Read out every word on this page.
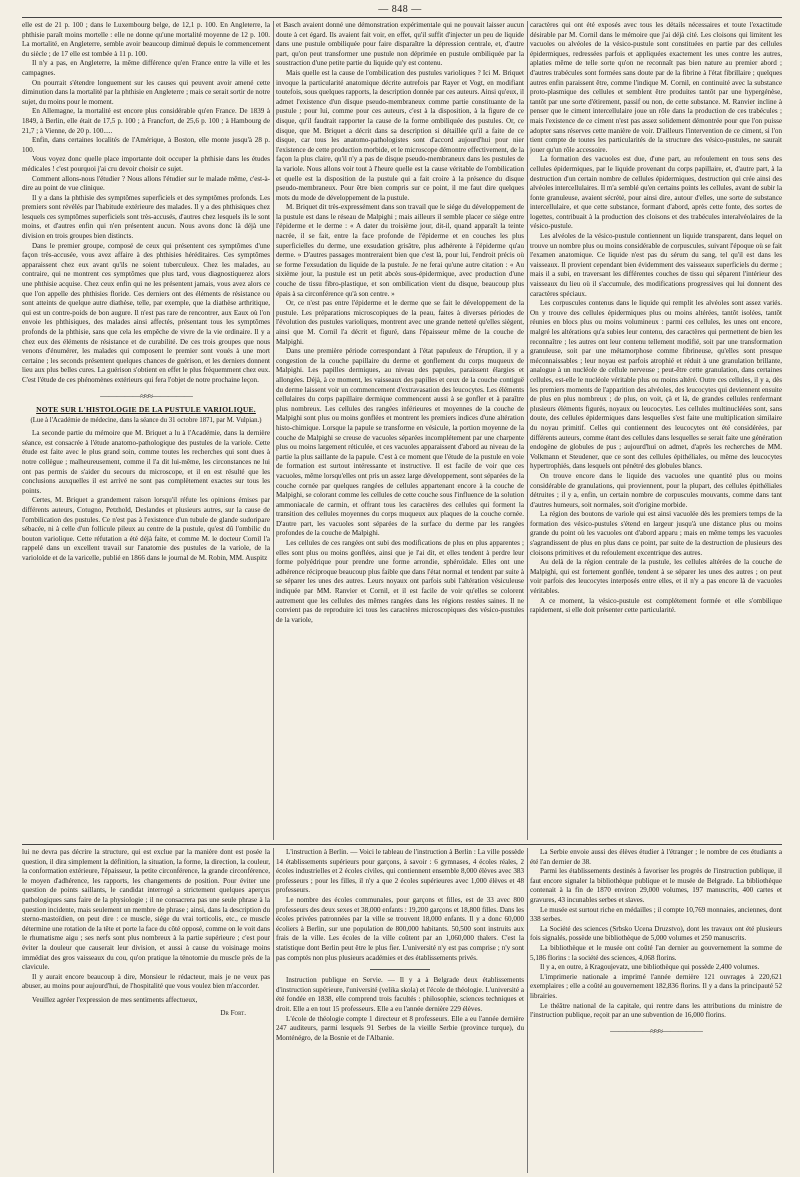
— 848 —

elle est de 21 p. 100 ; dans le Luxembourg belge, de 12,1 p. 100. En Angleterre, la phthisie paraît moins mortelle : elle ne donne qu'une mortalité moyenne de 12 p. 100. La mortalité, en Angleterre, semble avoir beaucoup diminué depuis le commencement du siècle ; de 17 elle est tombée à 11 p. 100.

Il n'y a pas, en Angleterre, la même différence qu'en France entre la ville et les campagnes.

On pourrait s'étendre longuement sur les causes qui peuvent avoir amené cette diminution dans la mortalité par la phthisie en Angleterre ; mais ce serait sortir de notre sujet, du moins pour le moment.

En Allemagne, la mortalité est encore plus considérable qu'en France. De 1839 à 1849, à Berlin, elle était de 17,5 p. 100 ; à Francfort, de 25,6 p. 100 ; à Hambourg de 21,7 ; à Vienne, de 20 p. 100.....

Enfin, dans certaines localités de l'Amérique, à Boston, elle monte jusqu'à 28 p. 100.

Vous voyez donc quelle place importante doit occuper la phthisie dans les études médicales ! c'est pourquoi j'ai cru devoir choisir ce sujet.

Comment allons-nous l'étudier ? Nous allons l'étudier sur le malade même, c'est-à-dire au point de vue clinique.

Il y a dans la phthisie des symptômes superficiels et des symptômes profonds. Les premiers sont révélés par l'habitude extérieure des malades. Il y a des phthisiques chez lesquels ces symptômes superficiels sont très-accusés, d'autres chez lesquels ils le sont moins, et d'autres enfin qui n'en présentent aucun. Nous avons donc là déjà une division en trois groupes bien distincts.

Dans le premier groupe, composé de ceux qui présentent ces symptômes d'une façon très-accusée, vous avez affaire à des phthisies héréditaires. Ces symptômes apparaissent chez eux avant qu'ils ne soient tuberculeux. Chez les malades, au contraire, qui ne montrent ces symptômes que plus tard, vous diagnostiquerez alors une phthisie acquise. Chez ceux enfin qui ne les présentent jamais, vous avez alors ce que l'on appelle des phthisies floride. Ces derniers ont des éléments de résistance ou sont atteints de quelque autre diathèse, telle, par exemple, que la diathèse arthritique, qui est un contre-poids de bon augure. Il n'est pas rare de rencontrer, aux Eaux où l'on envoie les phthisiques, des malades ainsi affectés, présentant tous les symptômes profonds de la phthisie, sans que cela les empêche de vivre de la vie ordinaire. Il y a chez eux des éléments de résistance et de curabilité. De ces trois groupes que nous venons d'énumérer, les malades qui composent le premier sont voués à une mort certaine ; les seconds présentent quelques chances de guérison, et les derniers donnent lieu aux plus belles cures. La guérison s'obtient en effet le plus fréquemment chez eux. C'est l'étude de ces phénomènes extérieurs qui fera l'objet de notre prochaine leçon.

—————≈≈≈—————
NOTE SUR L'HISTOLOGIE DE LA PUSTULE VARIOLIQUE.
(Lue à l'Académie de médecine, dans la séance du 31 octobre 1871, par M. Vulpian.)

La seconde partie du mémoire que M. Briquet a lu à l'Académie, dans la dernière séance, est consacrée à l'étude anatomo-pathologique des pustules de la variole. Cette étude est faite avec le plus grand soin, comme toutes les recherches qui sont dues à notre collègue ; malheureusement, comme il l'a dit lui-même, les circonstances ne lui ont pas permis de s'aider du secours du microscope, et il en est résulté que les conclusions auxquelles il est arrivé ne sont pas complètement exactes sur tous les points.

Certes, M. Briquet a grandement raison lorsqu'il réfute les opinions émises par différents auteurs, Cotugno, Petzhold, Deslandes et plusieurs autres, sur la cause de l'ombilication des pustules. Ce n'est pas à l'existence d'un tubule de glande sudoripare sébacée, ni à celle d'un follicule pileux au centre de la pustule, qu'est dû l'ombilic du bouton variolique. Cette réfutation a été déjà faite, et comme M. le docteur Cornil l'a rappelé dans un excellent travail sur l'anatomie des pustules de la variole, de la varioloïde et de la varicelle, publié en 1866 dans le journal de M. Robin, MM. Auspitz

et Basch avaient donné une démonstration expérimentale qui ne pouvait laisser aucun doute à cet égard. Ils avaient fait voir, en effet, qu'il suffit d'injecter un peu de liquide dans une pustule ombiliquée pour faire disparaître la dépression centrale, et, d'autre part, qu'on peut transformer une pustule non déprimée en pustule ombiliquée par la soustraction d'une petite partie du liquide qu'y est contenu.

Mais quelle est la cause de l'ombilication des pustules varioliques ? Ici M. Briquet invoque la particularité anatomique décrite autrefois par Rayer et Vogt, en modifiant toutefois, sous quelques rapports, la description donnée par ces auteurs. Ainsi qu'eux, il admet l'existence d'un disque pseudo-membraneux comme partie constituante de la pustule ; pour lui, comme pour ces auteurs, c'est à la disposition, à la figure de ce disque, qu'il faudrait rapporter la cause de la forme ombiliquée des pustules. Or, ce disque, que M. Briquet a décrit dans sa description si détaillée qu'il a faite de ce disque, car tous les anatomo-pathologistes sont d'accord aujourd'hui pour nier l'existence de cette production morbide, et le microscope démontre effectivement, de la façon la plus claire, qu'il n'y a pas de disque pseudo-membraneux dans les pustules de la variole. Nous allons voir tout à l'heure quelle est la cause véritable de l'ombilication et quelle est la disposition de la pustule qui a fait croire à la présence du disque pseudo-membraneux. Pour être bien compris sur ce point, il me faut dire quelques mots du mode de développement de la pustule.

M. Briquet dit très-expressément dans son travail que le siége du développement de la pustule est dans le réseau de Malpighi ; mais ailleurs il semble placer ce siége entre l'épiderme et le derme : « A dater du troisième jour, dit-il, quand apparaît la teinte nacrée, il se fait, entre la face profonde de l'épiderme et en couches les plus superficielles du derme, une exsudation grisâtre, plus adhérente à l'épiderme qu'au derme. » D'autres passages montreraient bien que c'est là, pour lui, l'endroit précis où se forme l'exsudation du liquide de la pustule. Je ne ferai qu'une autre citation : « Au sixième jour, la pustule est un petit abcès sous-épidermique, avec production d'une couche de tissu fibro-plastique, et son ombilication vient du disque, beaucoup plus épais à sa circonférence qu'à son centre. »

Or, ce n'est pas entre l'épiderme et le derme que se fait le développement de la pustule. Les préparations microscopiques de la peau, faites à diverses périodes de l'évolution des pustules varioliques, montrent avec une grande netteté qu'elles siègent, ainsi que M. Cornil l'a décrit et figuré, dans l'épaisseur même de la couche de Malpighi.

Dans une première période correspondant à l'état papuleux de l'éruption, il y a congestion de la couche papillaire du derme et gonflement du corps muqueux de Malpighi. Les papilles dermiques, au niveau des papules, paraissent élargies et allongées. Déjà, à ce moment, les vaisseaux des papilles et ceux de la couche contiguë du derme laissent voir un commencement d'extravasation des leucocytes. Les éléments cellulaires du corps papillaire dermique commencent aussi à se gonfler et à paraître plus nombreux. Les cellules des rangées inférieures et moyennes de la couche de Malpighi sont plus ou moins gonflées et montrent les premiers indices d'une altération histo-chimique. Lorsque la papule se transforme en vésicule, la portion moyenne de la couche de Malpighi se creuse de vacuoles séparées incomplétement par une charpente plus ou moins largement réticulée, et ces vacuoles apparaissent d'abord au niveau de la partie la plus saillante de la papule. C'est à ce moment que l'étude de la pustule en voie de formation est surtout intéressante et instructive. Il est facile de voir que ces vacuoles, même lorsqu'elles ont pris un assez large développement, sont séparées de la couche cornée par quelques rangées de cellules appartenant encore à la couche de Malpighi, se colorant comme les cellules de cette couche sous l'influence de la solution ammoniacale de carmin, et offrant tous les caractères des cellules qui forment la transition des cellules moyennes du corps muqueux aux plaques de la couche cornée. D'autre part, les vacuoles sont séparées de la surface du derme par les rangées profondes de la couche de Malpighi.

Les cellules de ces rangées ont subi des modifications de plus en plus apparentes ; elles sont plus ou moins gonflées, ainsi que je l'ai dit, et elles tendent à perdre leur forme polyédrique pour prendre une forme arrondie, sphéroïdale. Elles ont une adhérence réciproque beaucoup plus faible que dans l'état normal et tendent par suite à se séparer les unes des autres. Leurs noyaux ont parfois subi l'altération vésiculeuse indiquée par MM. Ranvier et Cornil, et il est facile de voir qu'elles se colorent autrement que les cellules des mêmes rangées dans les régions restées saines. Il ne convient pas de reproduire ici tous les caractères microscopiques des vésico-pustules de la variole,

caractères qui ont été exposés avec tous les détails nécessaires et toute l'exactitude désirable par M. Cornil dans le mémoire que j'ai déjà cité. Les cloisons qui limitent les vacuoles ou alvéoles de la vésico-pustule sont constituées en partie par des cellules épidermiques, redressées parfois et appliquées exactement les unes contre les autres, aplaties même de telle sorte qu'on ne reconnaît pas bien nature au premier abord ; d'autres trabécules sont formées sans doute par de la fibrine à l'état fibrillaire ; quelques autres enfin paraissent être, comme l'indique M. Cornil, en continuité avec la substance proto-plasmique des cellules et semblent être produites tantôt par une hypergénèse, tantôt par une sorte d'étirement, passif ou non, de cette substance. M. Ranvier incline à penser que le ciment intercellulaire joue un rôle dans la production de ces trabécules ; mais l'existence de ce ciment n'est pas assez solidement démontrée pour que l'on puisse adopter sans réserves cette manière de voir. D'ailleurs l'intervention de ce ciment, si l'on tient compte de toutes les particularités de la structure des vésico-pustules, ne saurait jouer qu'un rôle accessoire.

La formation des vacuoles est due, d'une part, au refoulement en tous sens des cellules épidermiques, par le liquide provenant du corps papillaire, et, d'autre part, à la destruction d'un certain nombre de cellules épidermiques, destruction qui crée ainsi des alvéoles intercellulaires. Il m'a semblé qu'en certains points les cellules, avant de subir la fonte granuleuse, avaient sécrété, pour ainsi dire, autour d'elles, une sorte de substance intercellulaire, et que cette substance, formant d'abord, après cette fonte, des sortes de logettes, contribuait à la production des cloisons et des trabécules interalvéolaires de la vésico-pustule.

Les alvéoles de la vésico-pustule contiennent un liquide transparent, dans lequel on trouve un nombre plus ou moins considérable de corpuscules, suivant l'époque où se fait l'examen anatomique. Ce liquide n'est pas du sérum du sang, tel qu'il est dans les vaisseaux. Il provient cependant bien évidemment des vaisseaux superficiels du derme ; mais il a subi, en traversant les différentes couches de tissu qui séparent l'intérieur des vaisseaux du lieu où il s'accumule, des modifications progressives qui lui donnent des caractères spéciaux.

Les corpuscules contenus dans le liquide qui remplit les alvéoles sont assez variés. On y trouve des cellules épidermiques plus ou moins altérées, tantôt isolées, tantôt réunies en blocs plus ou moins volumineux : parmi ces cellules, les unes ont encore, malgré les altérations qu'a subies leur contenu, des caractères qui permettent de bien les reconnaître ; les autres ont leur contenu tellement modifié, soit par une transformation granuleuse, soit par une métamorphose comme fibrineuse, qu'elles sont presque méconnaissables ; leur noyau est parfois atrophié et réduit à une granulation brillante, analogue à un nucléole de cellule nerveuse ; peut-être cette granulation, dans certaines cellules, est-elle le nucléole véritable plus ou moins altéré. Outre ces cellules, il y a, dès les premiers moments de l'apparition des alvéoles, des leucocytes qui deviennent ensuite de plus en plus nombreux ; de plus, on voit, çà et là, de grandes cellules renfermant plusieurs éléments figurés, noyaux ou leucocytes. Les cellules multinucléées sont, sans doute, des cellules épidermiques dans lesquelles s'est faite une multiplication similaire du noyau primitif. Celles qui contiennent des leucocytes ont été considérées, par différents auteurs, comme étant des cellules dans lesquelles se serait faite une génération endogène de globules de pus ; aujourd'hui on admet, d'après les recherches de MM. Volkmann et Steudener, que ce sont des cellules épithéliales, ou même des leucocytes hypertrophiés, dans lesquels ont pénétré des globules blancs.

On trouve encore dans le liquide des vacuoles une quantité plus ou moins considérable de granulations, qui proviennent, pour la plupart, des cellules épithéliales détruites ; il y a, enfin, un certain nombre de corpuscules mouvants, comme dans tant d'autres humeurs, soit normales, soit d'origine morbide.

La région des boutons de variole qui est ainsi vacuolée dès les premiers temps de la formation des vésico-pustules s'étend en largeur jusqu'à une distance plus ou moins grande du point où les vacuoles ont d'abord apparu ; mais en même temps les vacuoles s'agrandissent de plus en plus dans ce point, par suite de la destruction de plusieurs des cloisons primitives et du refoulement excentrique des autres.

Au delà de la région centrale de la pustule, les cellules altérées de la couche de Malpighi, qui est fortement gonflée, tendent à se séparer les unes des autres ; on peut voir parfois des leucocytes interposés entre elles, et il n'y a pas encore là de vacuoles véritables.

A ce moment, la vésico-pustule est complétement formée et elle s'ombilique rapidement, si elle doit présenter cette particularité.

lui ne devra pas décrire la structure, qui est exclue par la manière dont est posée la question, il dira simplement la définition, la situation, la forme, la direction, la couleur, la conformation extérieure, l'épaisseur, la petite circonférence, la grande circonférence, le moyen d'adhérence, les rapports, les changements de position. Pour éviter une question de points saillants, le candidat interrogé a strictement quelques aperçus pathologiques sans faire de la physiologie ; il ne consacrera pas une seule phrase à la question incidente, mais seulement un membre de phrase ; ainsi, dans la description du sterno-mastoïdien, on peut dire : ce muscle, siége du vrai torticolis, etc., ce muscle détermine une rotation de la tête et porte la face du côté opposé, comme on le voit dans le rhumatisme aigu ; ses nerfs sont plus nombreux à la partie supérieure ; c'est pour éviter la douleur que causerait leur division, et aussi à cause du voisinage moins immédiat des gros vaisseaux du cou, qu'on pratique la ténotomie du muscle près de la clavicule.

Il y aurait encore beaucoup à dire, Monsieur le rédacteur, mais je ne veux pas abuser, au moins pour aujourd'hui, de l'hospitalité que vous voulez bien m'accorder.

Veuillez agréer l'expression de mes sentiments affectueux,

Dr Fort.

L'instruction à Berlin. — Voici le tableau de l'instruction à Berlin : La ville possède 14 établissements supérieurs pour garçons, à savoir : 6 gymnases, 4 écoles réales, 2 écoles industrielles et 2 écoles civiles, qui contiennent ensemble 8,000 élèves avec 383 professeurs ; pour les filles, il n'y a que 2 écoles supérieures avec 1,000 élèves et 48 professeurs.

Le nombre des écoles communales, pour garçons et filles, est de 33 avec 800 professeurs des deux sexes et 38,000 enfants : 19,200 garçons et 18,800 filles. Dans les écoles privées patronnées par la ville se trouvent 18,000 enfants. Il y a donc 60,000 écoliers à Berlin, sur une population de 800,000 habitants. 50,500 sont instruits aux frais de la ville. Les écoles de la ville coûtent par an 1,060,000 thalers. C'est la statistique dont Berlin peut être le plus fier. L'université n'y est pas comprise ; n'y sont pas comptés non plus plusieurs académies et des établissements privés.

Instruction publique en Servie. — Il y a à Belgrade deux établissements d'instruction supérieure, l'université (velika skola) et l'école de théologie. L'université a été fondée en 1838, elle comprend trois facultés : philosophie, sciences techniques et droit. Elle a en tout 15 professeurs. Elle a eu l'année dernière 229 élèves.

L'école de théologie compte 1 directeur et 8 professeurs. Elle a eu l'année dernière 247 auditeurs, parmi lesquels 91 Serbes de la vieille Serbie (province turque), du Monténégro, de la Bosnie et de l'Albanie.

La Serbie envoie aussi des élèves étudier à l'étranger ; le nombre de ces étudiants a été l'an dernier de 38.

Parmi les établissements destinés à favoriser les progrès de l'instruction publique, il faut encore signaler la bibliothèque publique et le musée de Belgrade. La bibliothèque contenait à la fin de 1870 environ 29,000 volumes, 197 manuscrits, 400 cartes et gravures, 43 incunables serbes et slaves.

Le musée est surtout riche en médailles ; il compte 10,769 monnaies, anciennes, dont 338 serbes.

La Société des sciences (Srbsko Ucena Druzstvo), dont les travaux ont été plusieurs fois signalés, possède une bibliothèque de 5,000 volumes et 250 manuscrits.

La bibliothèque et le musée ont coûté l'an dernier au gouvernement la somme de 5,186 florins : la société des sciences, 4,068 florins.

Il y a, en outre, à Kragoujevatz, une bibliothèque qui possède 2,400 volumes.

L'imprimerie nationale a imprimé l'année dernière 121 ouvrages à 220,621 exemplaires ; elle a coûté au gouvernement 182,836 florins. Il y a dans la principauté 52 librairies.

Le théâtre national de la capitale, qui rentre dans les attributions du ministre de l'instruction publique, reçoit par an une subvention de 16,000 florins.

—————≈≈≈—————
